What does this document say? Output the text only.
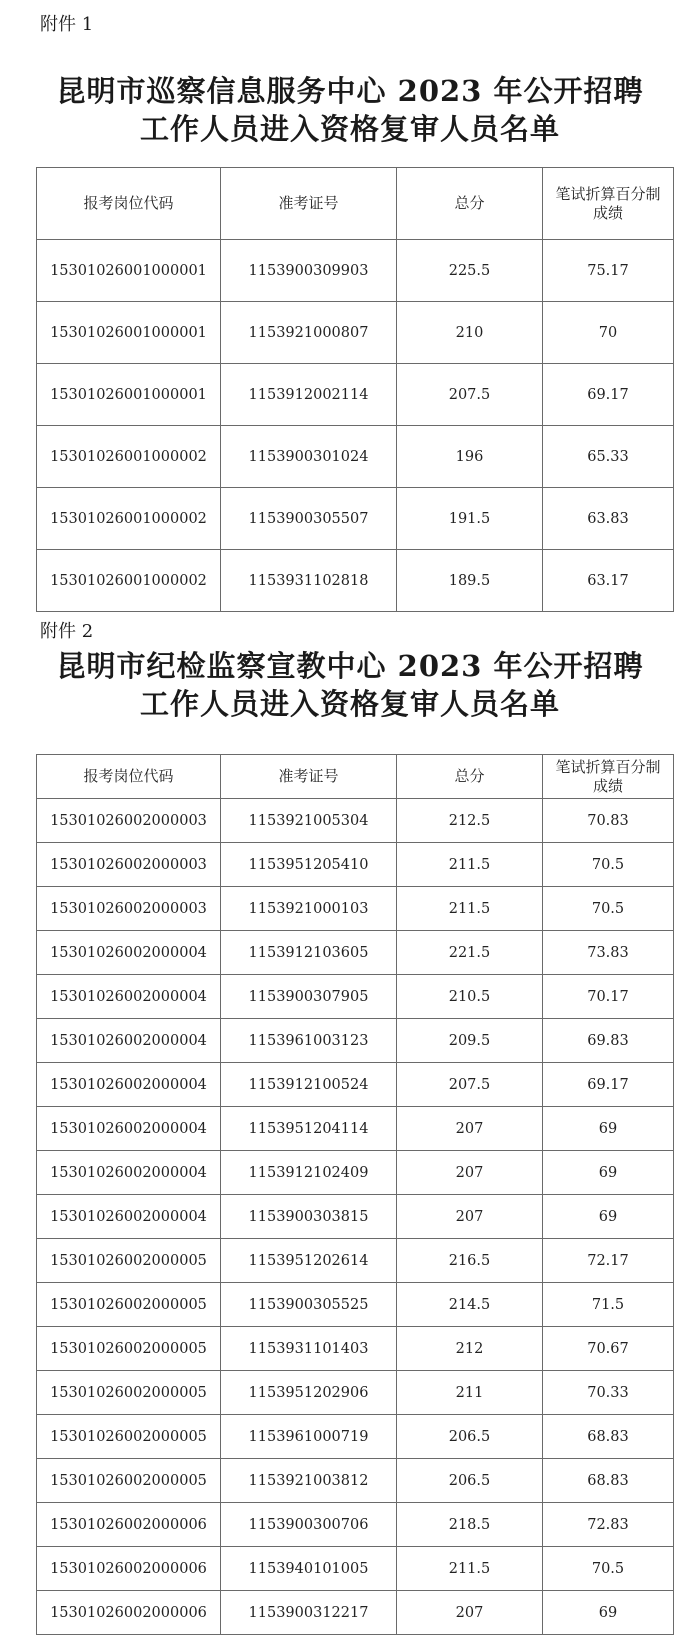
附件 1
昆明市巡察信息服务中心 2023 年公开招聘
工作人员进入资格复审人员名单
报考岗位代码	准考证号	总分	笔试折算百分制
成绩

15301026001000001	1153900309903	225.5	75.17
15301026001000001	1153921000807	210	70
15301026001000001	1153912002114	207.5	69.17
15301026001000002	1153900301024	196	65.33
15301026001000002	1153900305507	191.5	63.83
15301026001000002	1153931102818	189.5	63.17
附件 2
昆明市纪检监察宣教中心 2023 年公开招聘
工作人员进入资格复审人员名单
报考岗位代码	准考证号	总分	笔试折算百分制
成绩

15301026002000003	1153921005304	212.5	70.83
15301026002000003	1153951205410	211.5	70.5
15301026002000003	1153921000103	211.5	70.5
15301026002000004	1153912103605	221.5	73.83
15301026002000004	1153900307905	210.5	70.17
15301026002000004	1153961003123	209.5	69.83
15301026002000004	1153912100524	207.5	69.17
15301026002000004	1153951204114	207	69
15301026002000004	1153912102409	207	69
15301026002000004	1153900303815	207	69
15301026002000005	1153951202614	216.5	72.17
15301026002000005	1153900305525	214.5	71.5
15301026002000005	1153931101403	212	70.67
15301026002000005	1153951202906	211	70.33
15301026002000005	1153961000719	206.5	68.83
15301026002000005	1153921003812	206.5	68.83
15301026002000006	1153900300706	218.5	72.83
15301026002000006	1153940101005	211.5	70.5
15301026002000006	1153900312217	207	69
